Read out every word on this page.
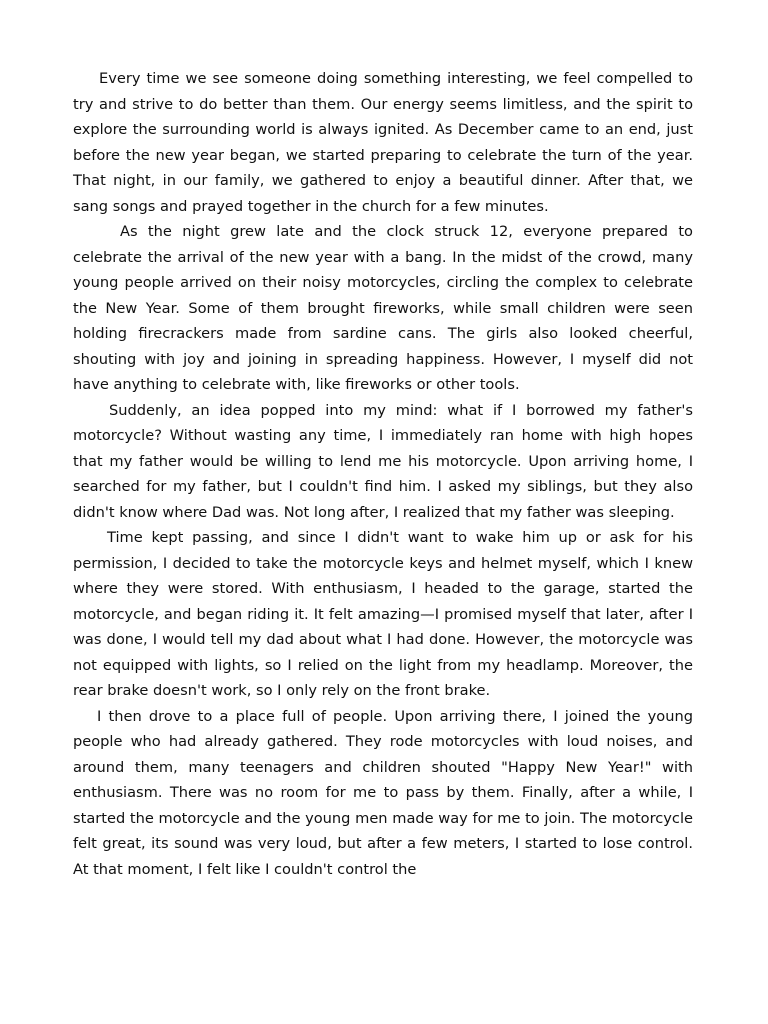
Every time we see someone doing something interesting, we feel compelled to try and strive to do better than them. Our energy seems limitless, and the spirit to explore the surrounding world is always ignited. As December came to an end, just before the new year began, we started preparing to celebrate the turn of the year. That night, in our family, we gathered to enjoy a beautiful dinner. After that, we sang songs and prayed together in the church for a few minutes.

As the night grew late and the clock struck 12, everyone prepared to celebrate the arrival of the new year with a bang. In the midst of the crowd, many young people arrived on their noisy motorcycles, circling the complex to celebrate the New Year. Some of them brought fireworks, while small children were seen holding firecrackers made from sardine cans. The girls also looked cheerful, shouting with joy and joining in spreading happiness. However, I myself did not have anything to celebrate with, like fireworks or other tools.

Suddenly, an idea popped into my mind: what if I borrowed my father's motorcycle? Without wasting any time, I immediately ran home with high hopes that my father would be willing to lend me his motorcycle. Upon arriving home, I searched for my father, but I couldn't find him. I asked my siblings, but they also didn't know where Dad was. Not long after, I realized that my father was sleeping.

Time kept passing, and since I didn't want to wake him up or ask for his permission, I decided to take the motorcycle keys and helmet myself, which I knew where they were stored. With enthusiasm, I headed to the garage, started the motorcycle, and began riding it. It felt amazing—I promised myself that later, after I was done, I would tell my dad about what I had done. However, the motorcycle was not equipped with lights, so I relied on the light from my headlamp. Moreover, the rear brake doesn't work, so I only rely on the front brake.

I then drove to a place full of people. Upon arriving there, I joined the young people who had already gathered. They rode motorcycles with loud noises, and around them, many teenagers and children shouted "Happy New Year!" with enthusiasm. There was no room for me to pass by them. Finally, after a while, I started the motorcycle and the young men made way for me to join. The motorcycle felt great, its sound was very loud, but after a few meters, I started to lose control. At that moment, I felt like I couldn't control the
